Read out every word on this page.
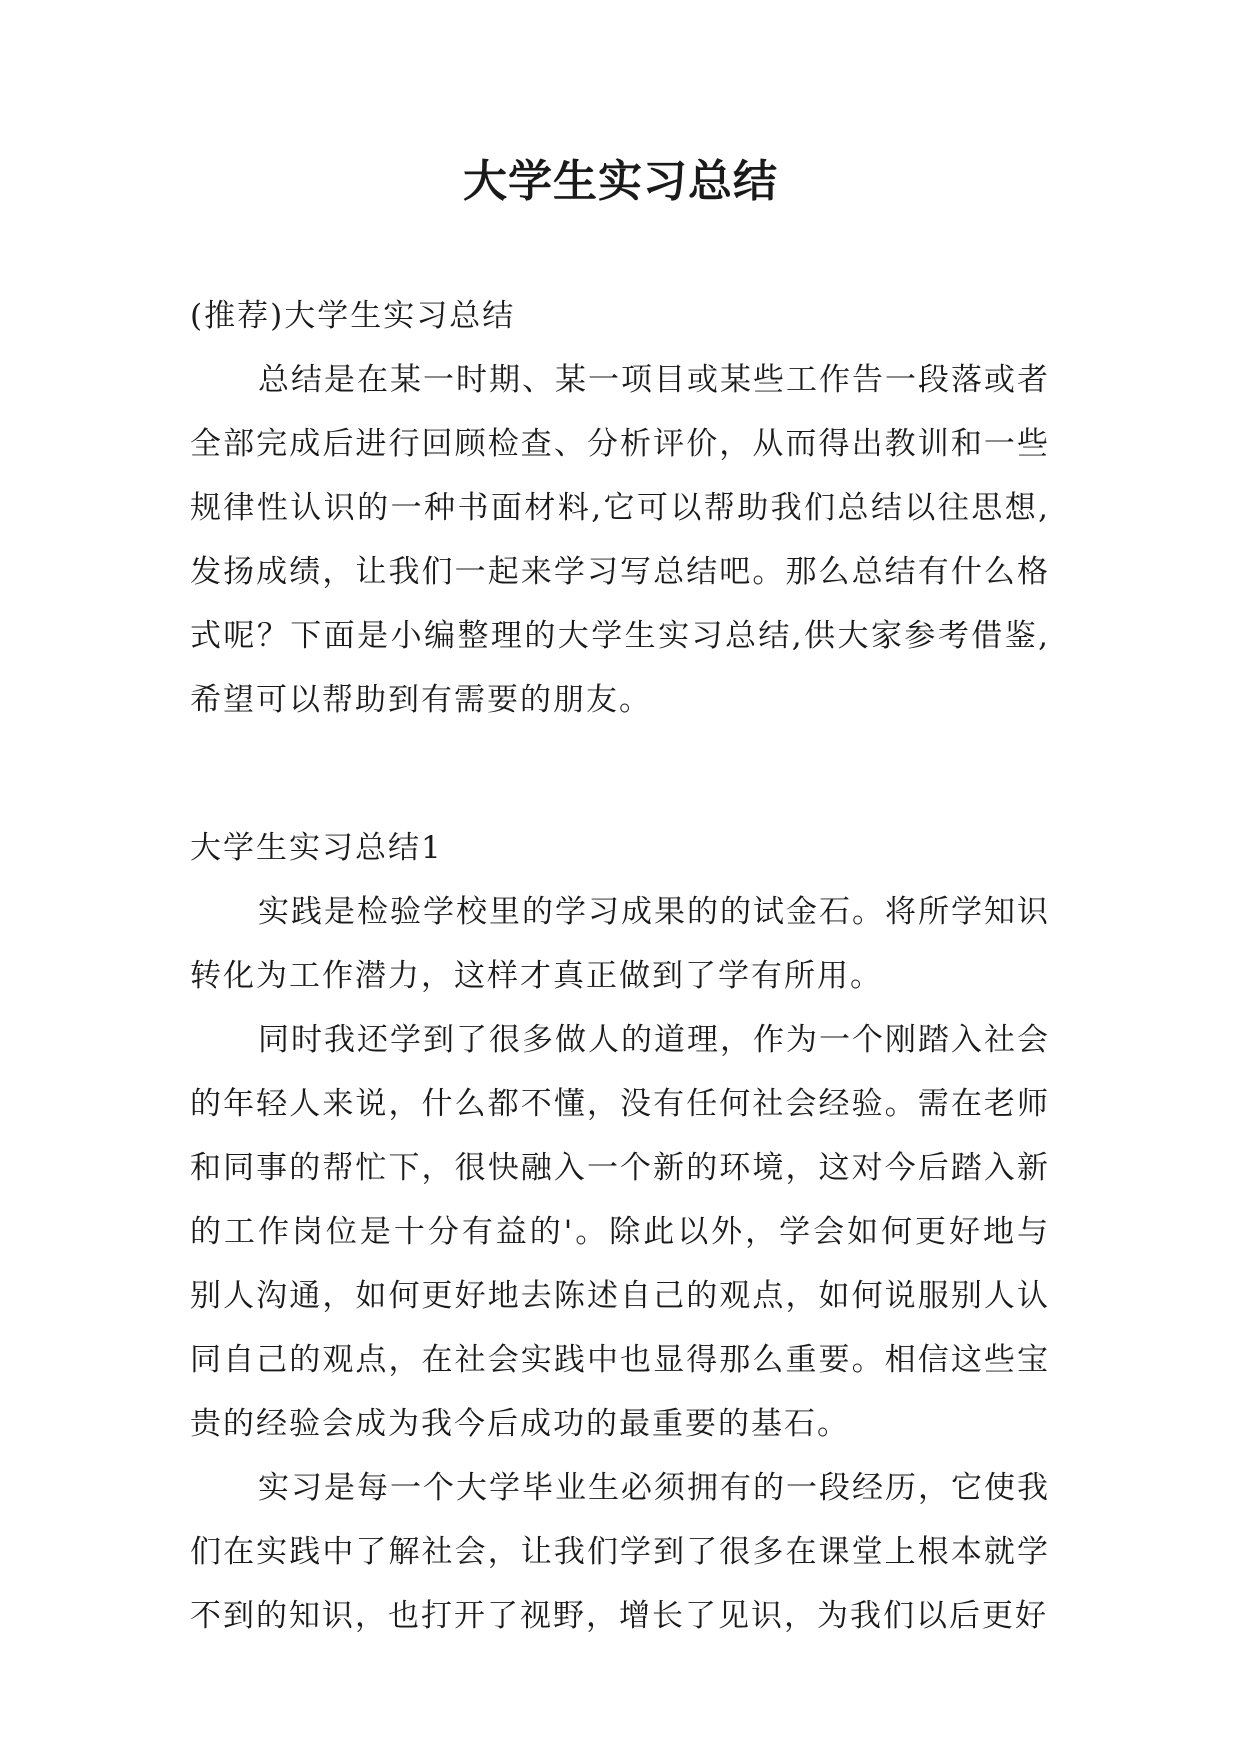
大学生实习总结

(推荐)大学生实习总结

总结是在某一时期、某一项目或某些工作告一段落或者全部完成后进行回顾检查、分析评价，从而得出教训和一些规律性认识的一种书面材料,它可以帮助我们总结以往思想,发扬成绩，让我们一起来学习写总结吧。那么总结有什么格式呢？下面是小编整理的大学生实习总结,供大家参考借鉴,希望可以帮助到有需要的朋友。

大学生实习总结1

实践是检验学校里的学习成果的的试金石。将所学知识转化为工作潜力，这样才真正做到了学有所用。

同时我还学到了很多做人的道理，作为一个刚踏入社会的年轻人来说，什么都不懂，没有任何社会经验。需在老师和同事的帮忙下，很快融入一个新的环境，这对今后踏入新的工作岗位是十分有益的'。除此以外，学会如何更好地与别人沟通，如何更好地去陈述自己的观点，如何说服别人认同自己的观点，在社会实践中也显得那么重要。相信这些宝贵的经验会成为我今后成功的最重要的基石。

实习是每一个大学毕业生必须拥有的一段经历，它使我们在实践中了解社会，让我们学到了很多在课堂上根本就学不到的知识，也打开了视野，增长了见识，为我们以后更好
